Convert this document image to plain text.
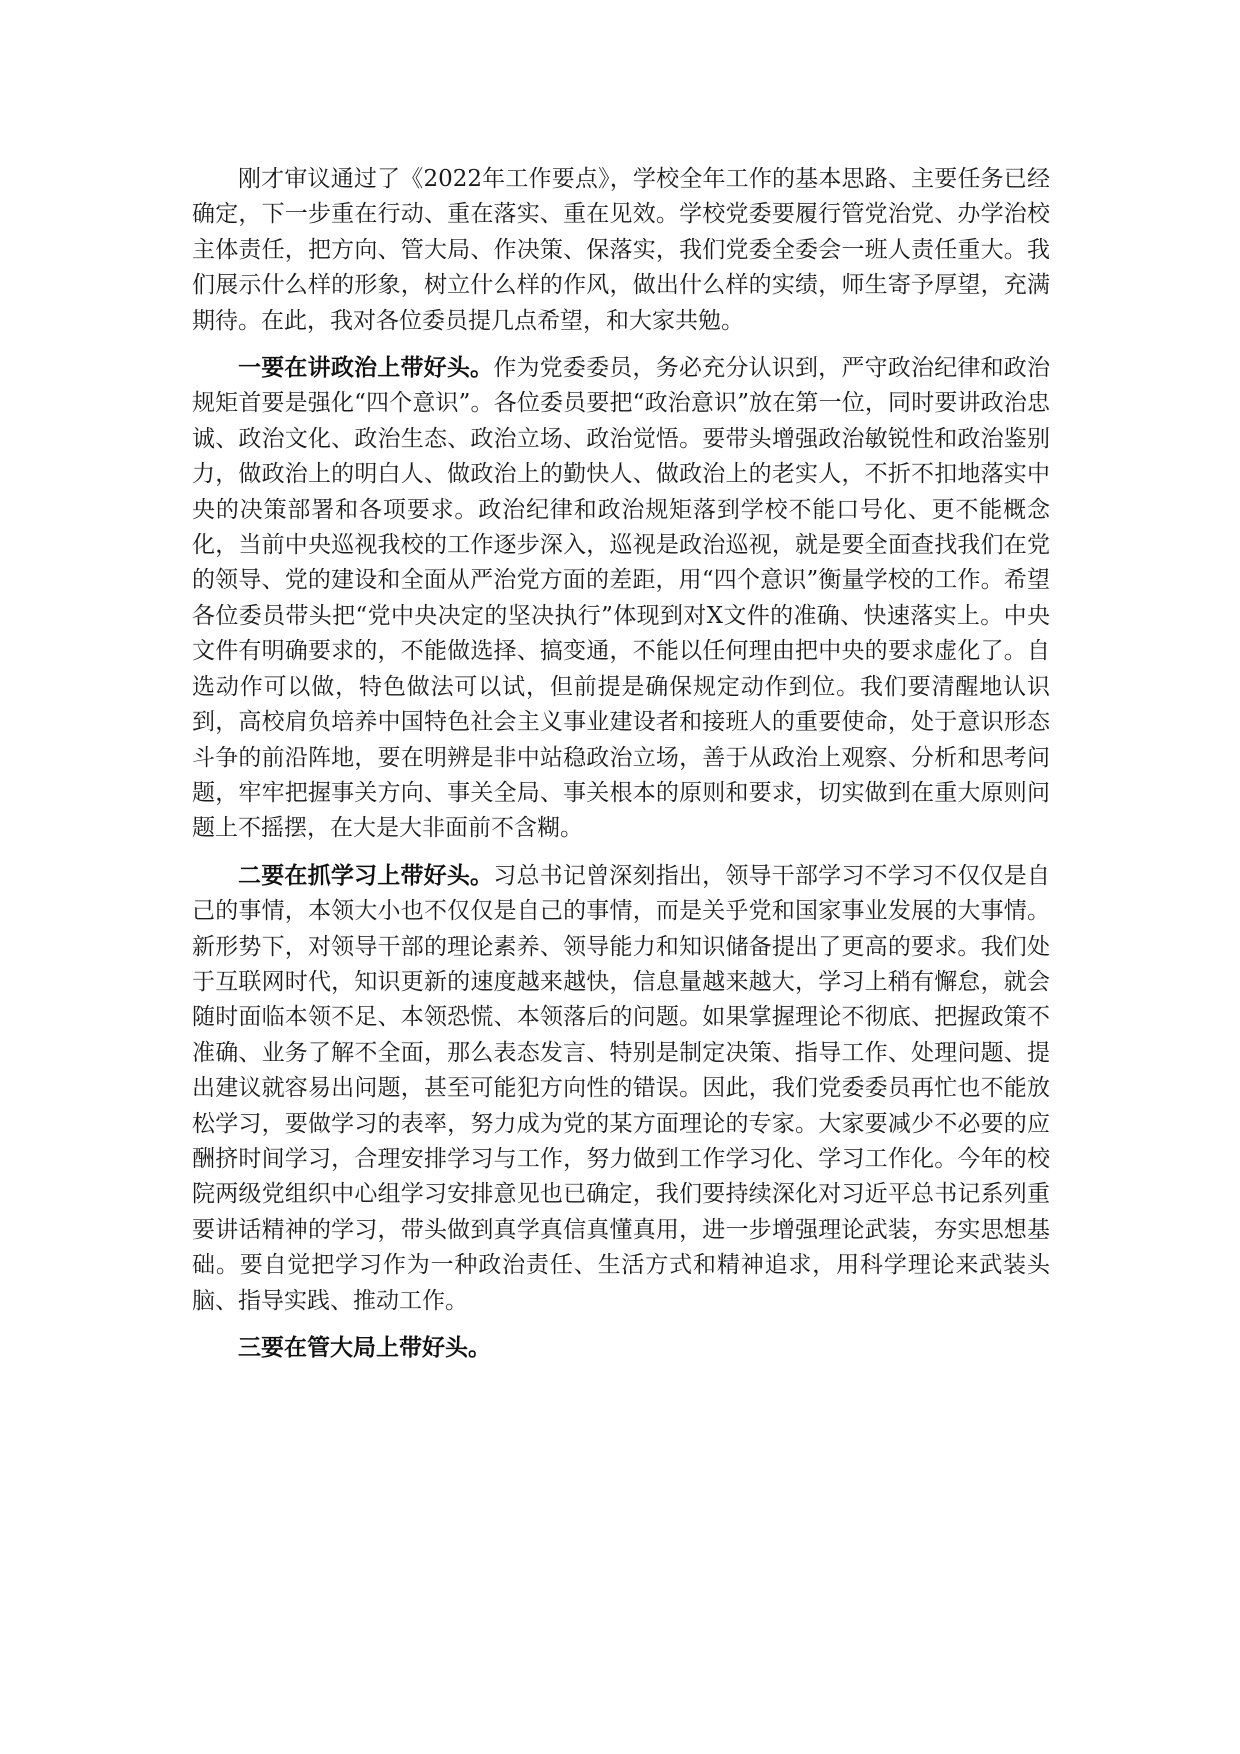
刚才审议通过了《2022年工作要点》，学校全年工作的基本思路、主要任务已经确定，下一步重在行动、重在落实、重在见效。学校党委要履行管党治党、办学治校主体责任，把方向、管大局、作决策、保落实，我们党委全委会一班人责任重大。我们展示什么样的形象，树立什么样的作风，做出什么样的实绩，师生寄予厚望，充满期待。在此，我对各位委员提几点希望，和大家共勉。

一要在讲政治上带好头。作为党委委员，务必充分认识到，严守政治纪律和政治规矩首要是强化“四个意识”。各位委员要把“政治意识”放在第一位，同时要讲政治忠诚、政治文化、政治生态、政治立场、政治觉悟。要带头增强政治敏锐性和政治鉴别力，做政治上的明白人、做政治上的勤快人、做政治上的老实人，不折不扣地落实中央的决策部署和各项要求。政治纪律和政治规矩落到学校不能口号化、更不能概念化，当前中央巡视我校的工作逐步深入，巡视是政治巡视，就是要全面查找我们在党的领导、党的建设和全面从严治党方面的差距，用“四个意识”衡量学校的工作。希望各位委员带头把“党中央决定的坚决执行”体现到对X文件的准确、快速落实上。中央文件有明确要求的，不能做选择、搞变通，不能以任何理由把中央的要求虚化了。自选动作可以做，特色做法可以试，但前提是确保规定动作到位。我们要清醒地认识到，高校肩负培养中国特色社会主义事业建设者和接班人的重要使命，处于意识形态斗争的前沿阵地，要在明辨是非中站稳政治立场，善于从政治上观察、分析和思考问题，牢牢把握事关方向、事关全局、事关根本的原则和要求，切实做到在重大原则问题上不摇摆，在大是大非面前不含糊。

二要在抓学习上带好头。习总书记曾深刻指出，领导干部学习不学习不仅仅是自己的事情，本领大小也不仅仅是自己的事情，而是关乎党和国家事业发展的大事情。新形势下，对领导干部的理论素养、领导能力和知识储备提出了更高的要求。我们处于互联网时代，知识更新的速度越来越快，信息量越来越大，学习上稍有懈怠，就会随时面临本领不足、本领恐慌、本领落后的问题。如果掌握理论不彻底、把握政策不准确、业务了解不全面，那么表态发言、特别是制定决策、指导工作、处理问题、提出建议就容易出问题，甚至可能犯方向性的错误。因此，我们党委委员再忙也不能放松学习，要做学习的表率，努力成为党的某方面理论的专家。大家要减少不必要的应酬挤时间学习，合理安排学习与工作，努力做到工作学习化、学习工作化。今年的校院两级党组织中心组学习安排意见也已确定，我们要持续深化对习近平总书记系列重要讲话精神的学习，带头做到真学真信真懂真用，进一步增强理论武装，夯实思想基础。要自觉把学习作为一种政治责任、生活方式和精神追求，用科学理论来武装头脑、指导实践、推动工作。

三要在管大局上带好头。
